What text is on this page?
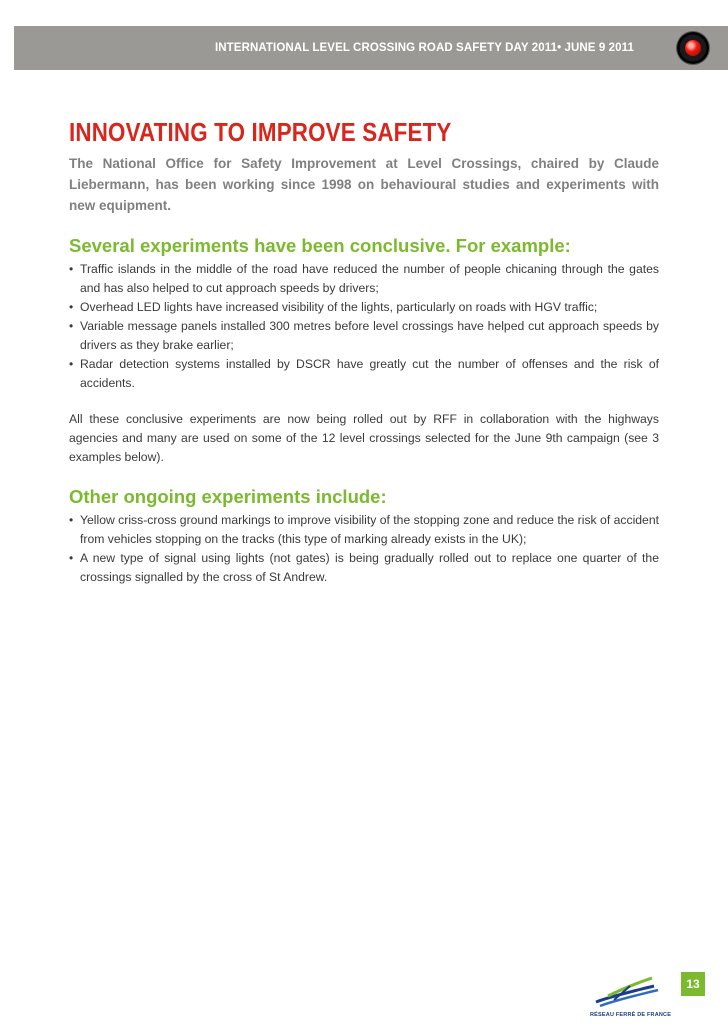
INTERNATIONAL LEVEL CROSSING ROAD SAFETY DAY 2011• JUNE 9 2011
INNOVATING TO IMPROVE SAFETY

The National Office for Safety Improvement at Level Crossings, chaired by Claude Liebermann, has been working since 1998 on behavioural studies and experiments with new equipment.

Several experiments have been conclusive. For example:
• Traffic islands in the middle of the road have reduced the number of people chicaning through the gates and has also helped to cut approach speeds by drivers;
• Overhead LED lights have increased visibility of the lights, particularly on roads with HGV traffic;
• Variable message panels installed 300 metres before level crossings have helped cut approach speeds by drivers as they brake earlier;
• Radar detection systems installed by DSCR have greatly cut the number of offenses and the risk of accidents.

All these conclusive experiments are now being rolled out by RFF in collaboration with the highways agencies and many are used on some of the 12 level crossings selected for the June 9th campaign (see 3 examples below).

Other ongoing experiments include:
• Yellow criss-cross ground markings to improve visibility of the stopping zone and reduce the risk of accident from vehicles stopping on the tracks (this type of marking already exists in the UK);
• A new type of signal using lights (not gates) is being gradually rolled out to replace one quarter of the crossings signalled by the cross of St Andrew.
RÉSEAU FERRÉ DE FRANCE
13
